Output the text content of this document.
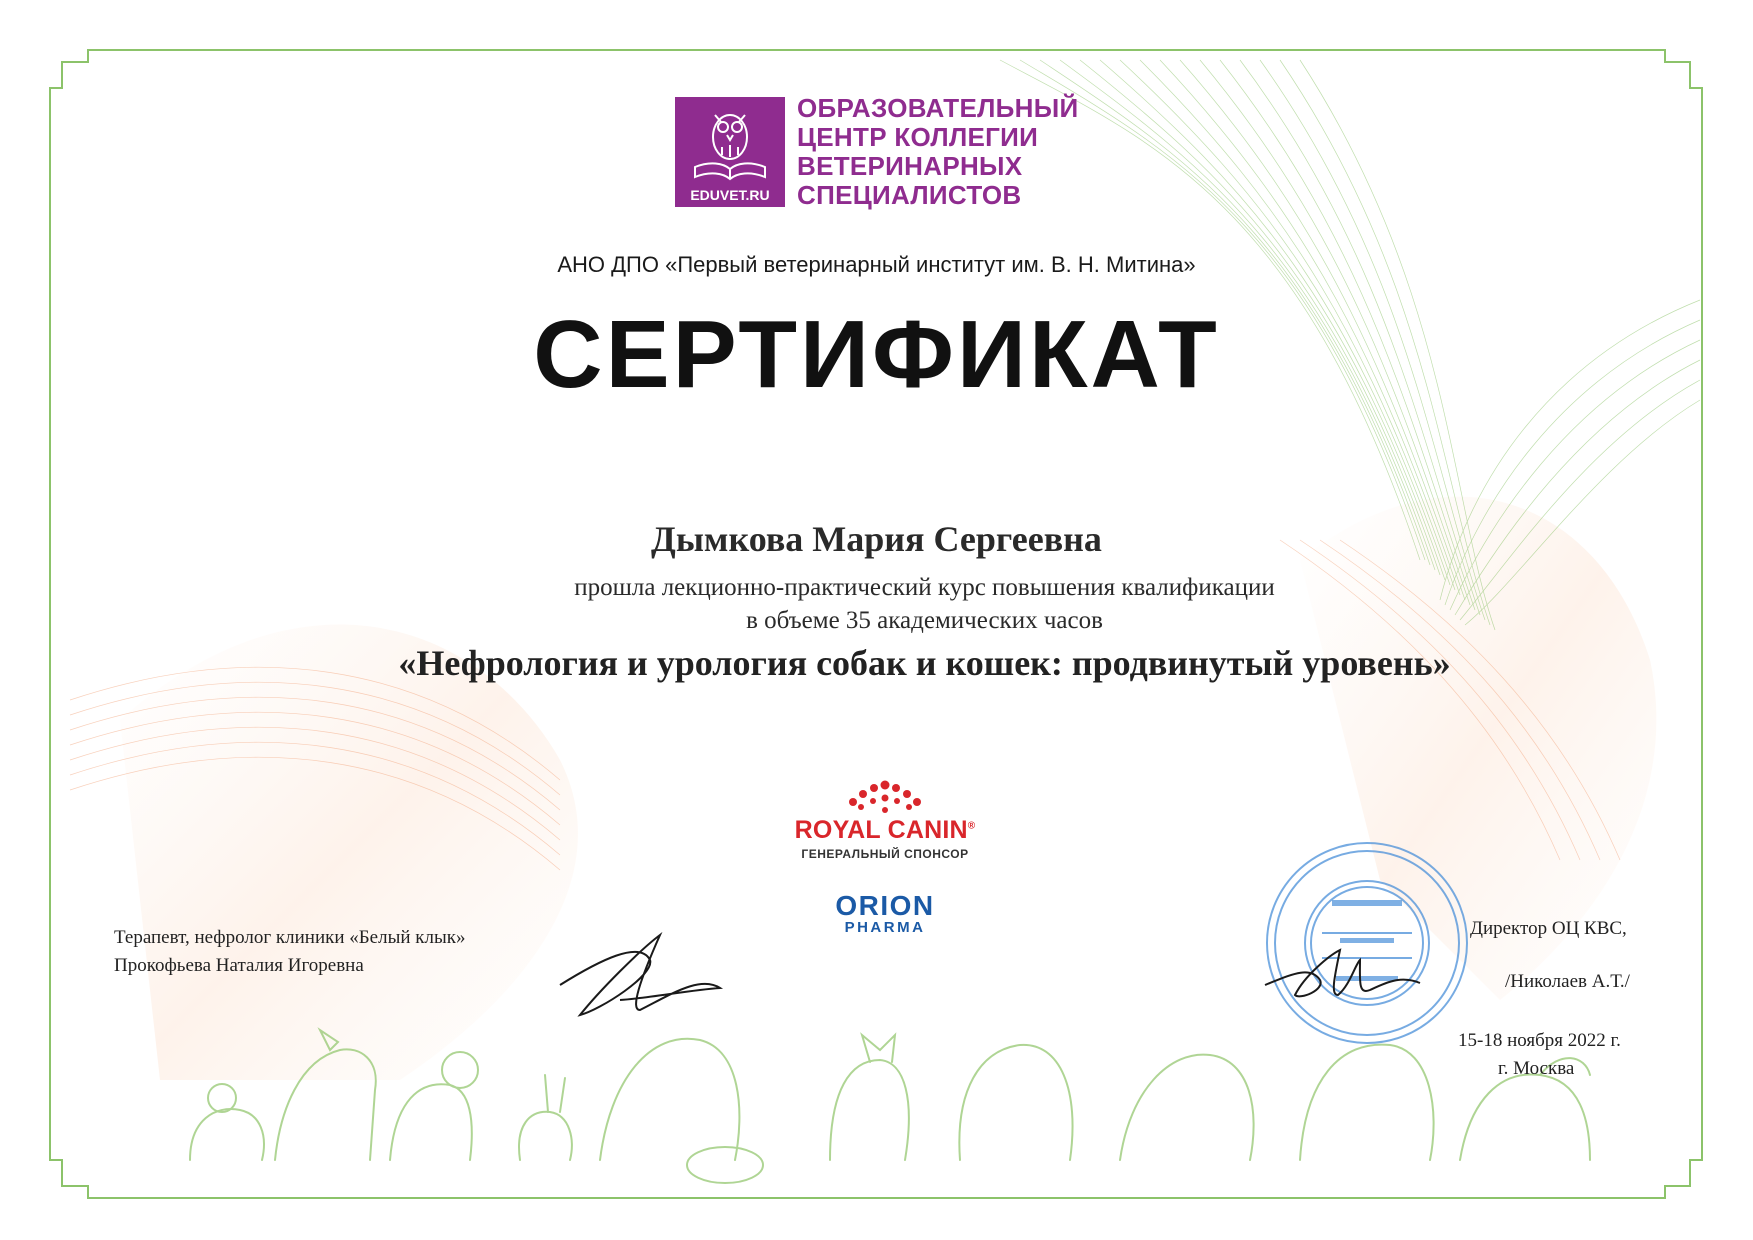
EDUVET.RU
ОБРАЗОВАТЕЛЬНЫЙ
ЦЕНТР КОЛЛЕГИИ
ВЕТЕРИНАРНЫХ
СПЕЦИАЛИСТОВ
АНО ДПО «Первый ветеринарный институт им. В. Н. Митина»
СЕРТИФИКАТ
Дымкова Мария Сергеевна
прошла лекционно-практический курс повышения квалификации
в объеме 35 академических часов
«Нефрология и урология собак и кошек: продвинутый уровень»
ROYAL CANIN®
ГЕНЕРАЛЬНЫЙ СПОНСОР
ORION
PHARMA
Терапевт, нефролог клиники «Белый клык»
Прокофьева Наталия Игоревна
Директор ОЦ КВС,
/Николаев А.Т./
15-18 ноября 2022 г.
г. Москва
